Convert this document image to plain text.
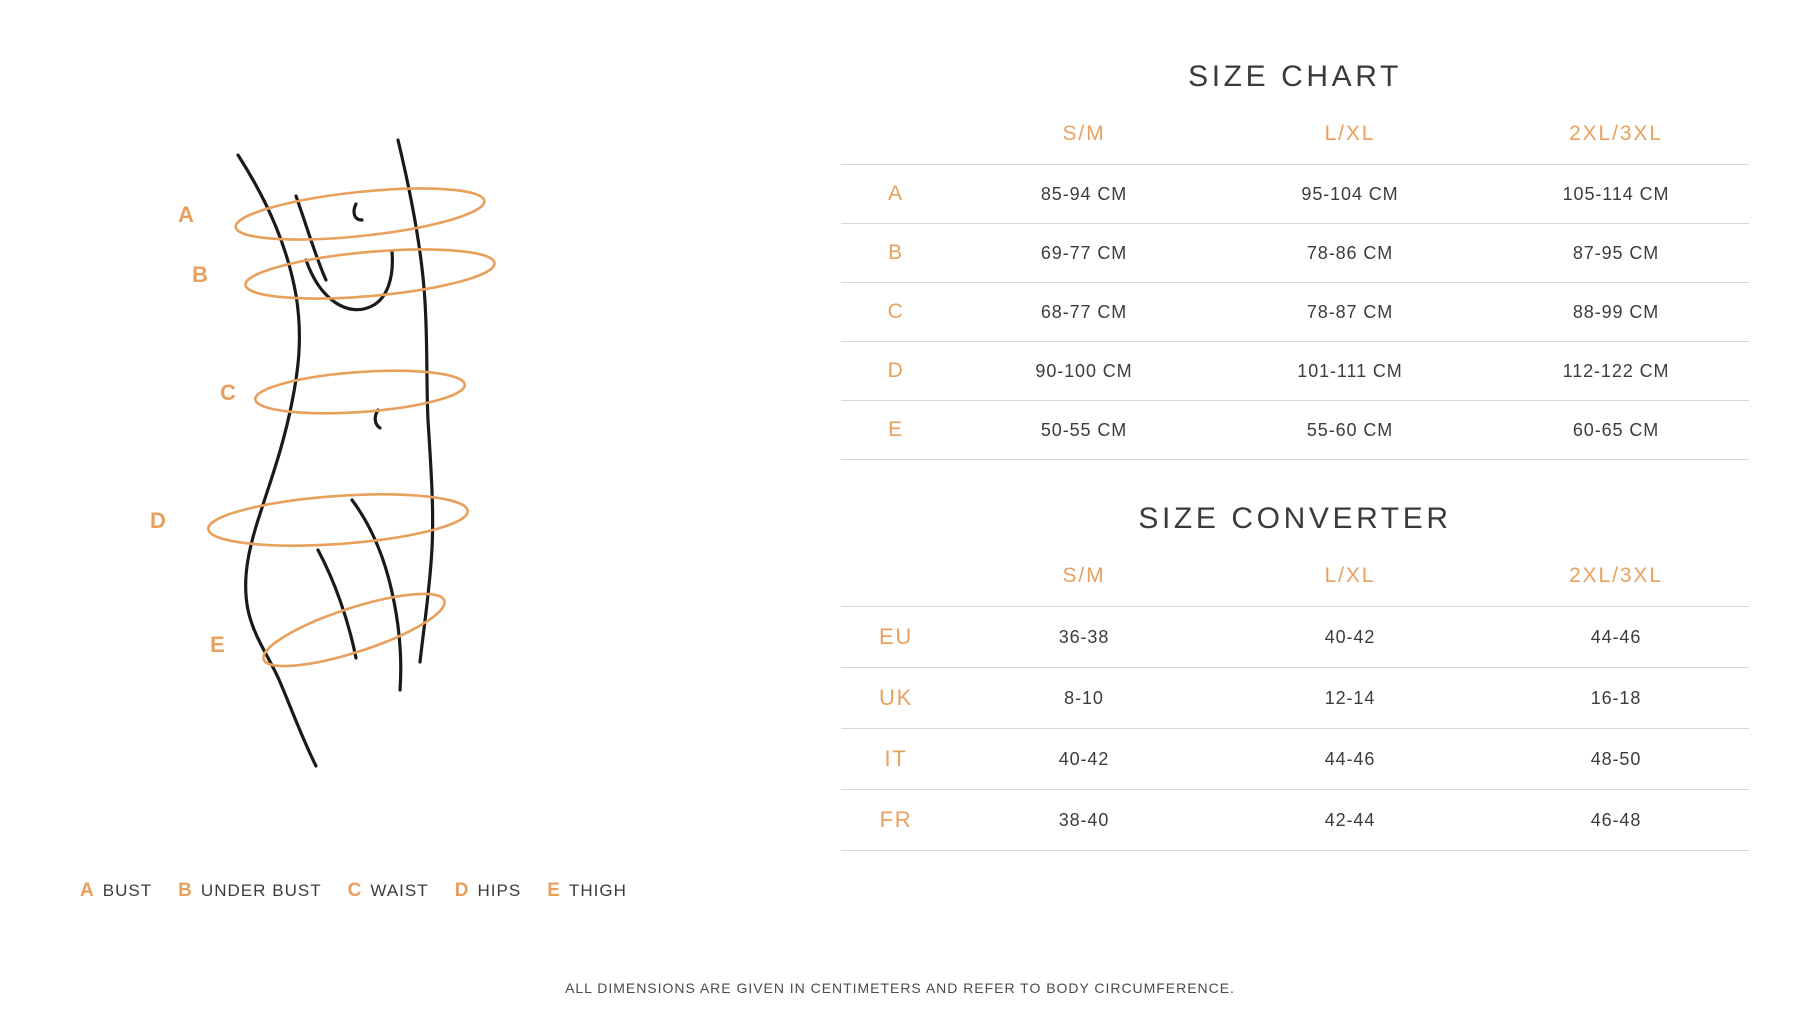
A
B
C
D
E
A BUST B UNDER BUST C WAIST D HIPS E THIGH
SIZE CHART
	S/M	L/XL	2XL/3XL
A	85-94 CM	95-104 CM	105-114 CM
B	69-77 CM	78-86 CM	87-95 CM
C	68-77 CM	78-87 CM	88-99 CM
D	90-100 CM	101-111 CM	112-122 CM
E	50-55 CM	55-60 CM	60-65 CM
SIZE CONVERTER
	S/M	L/XL	2XL/3XL
EU	36-38	40-42	44-46
UK	8-10	12-14	16-18
IT	40-42	44-46	48-50
FR	38-40	42-44	46-48
ALL DIMENSIONS ARE GIVEN IN CENTIMETERS AND REFER TO BODY CIRCUMFERENCE.
